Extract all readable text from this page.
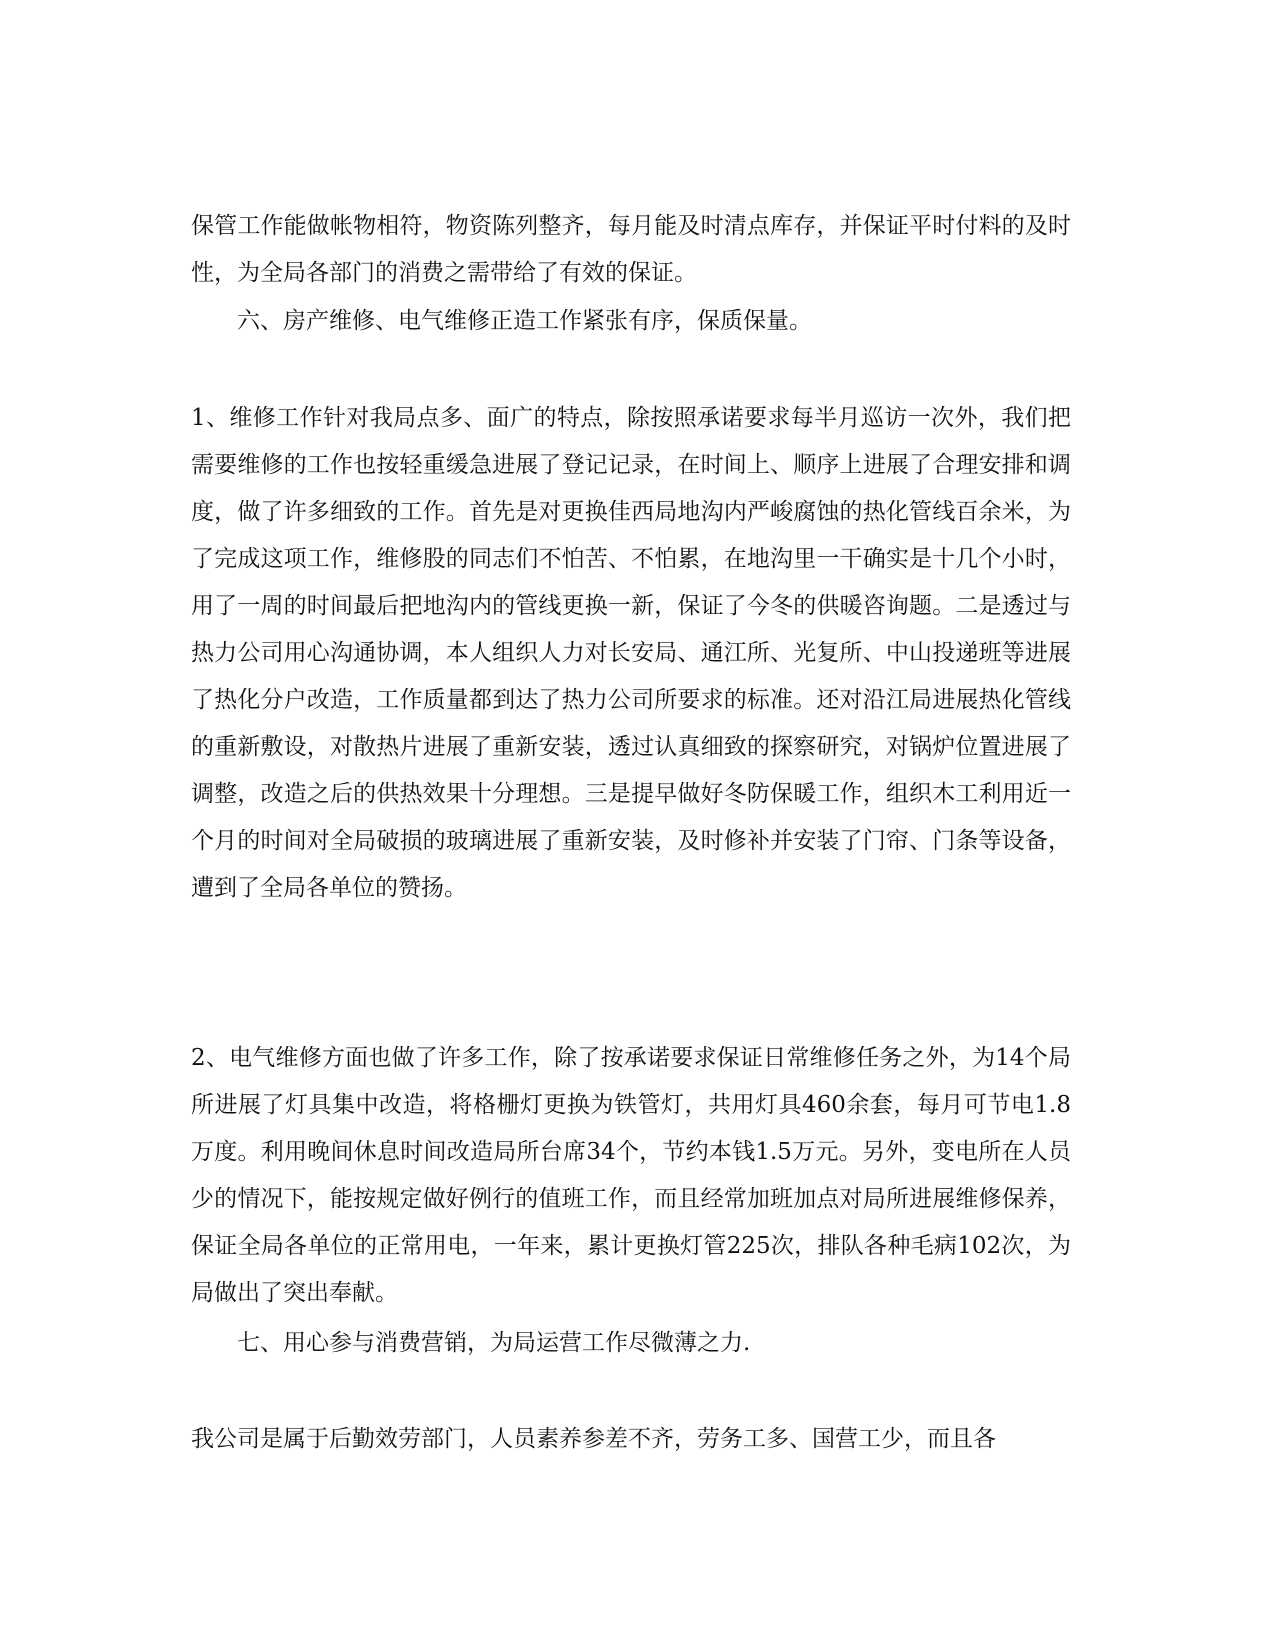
保管工作能做帐物相符，物资陈列整齐，每月能及时清点库存，并保证平时付料的及时性，为全局各部门的消费之需带给了有效的保证。

六、房产维修、电气维修正造工作紧张有序，保质保量。

1、维修工作针对我局点多、面广的特点，除按照承诺要求每半月巡访一次外，我们把需要维修的工作也按轻重缓急进展了登记记录，在时间上、顺序上进展了合理安排和调度，做了许多细致的工作。首先是对更换佳西局地沟内严峻腐蚀的热化管线百余米，为了完成这项工作，维修股的同志们不怕苦、不怕累，在地沟里一干确实是十几个小时，用了一周的时间最后把地沟内的管线更换一新，保证了今冬的供暖咨询题。二是透过与热力公司用心沟通协调，本人组织人力对长安局、通江所、光复所、中山投递班等进展了热化分户改造，工作质量都到达了热力公司所要求的标准。还对沿江局进展热化管线的重新敷设，对散热片进展了重新安装，透过认真细致的探察研究，对锅炉位置进展了调整，改造之后的供热效果十分理想。三是提早做好冬防保暖工作，组织木工利用近一个月的时间对全局破损的玻璃进展了重新安装，及时修补并安装了门帘、门条等设备，遭到了全局各单位的赞扬。

2、电气维修方面也做了许多工作，除了按承诺要求保证日常维修任务之外，为14个局所进展了灯具集中改造，将格栅灯更换为铁管灯，共用灯具460余套，每月可节电1.8万度。利用晚间休息时间改造局所台席34个，节约本钱1.5万元。另外，变电所在人员少的情况下，能按规定做好例行的值班工作，而且经常加班加点对局所进展维修保养，保证全局各单位的正常用电，一年来，累计更换灯管225次，排队各种毛病102次，为局做出了突出奉献。

七、用心参与消费营销，为局运营工作尽微薄之力.

我公司是属于后勤效劳部门，人员素养参差不齐，劳务工多、国营工少，而且各
